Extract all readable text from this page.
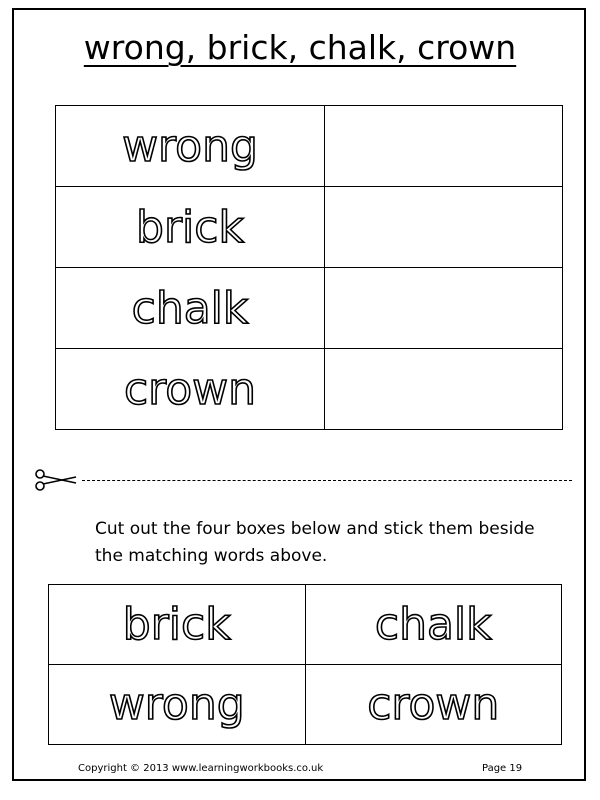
wrong, brick, chalk, crown
wrong	
brick	
chalk	
crown	

Cut out the four boxes below and stick them beside the matching words above.

brick	chalk
wrong	crown
Copyright © 2013 www.learningworkbooks.co.uk	Page 19
